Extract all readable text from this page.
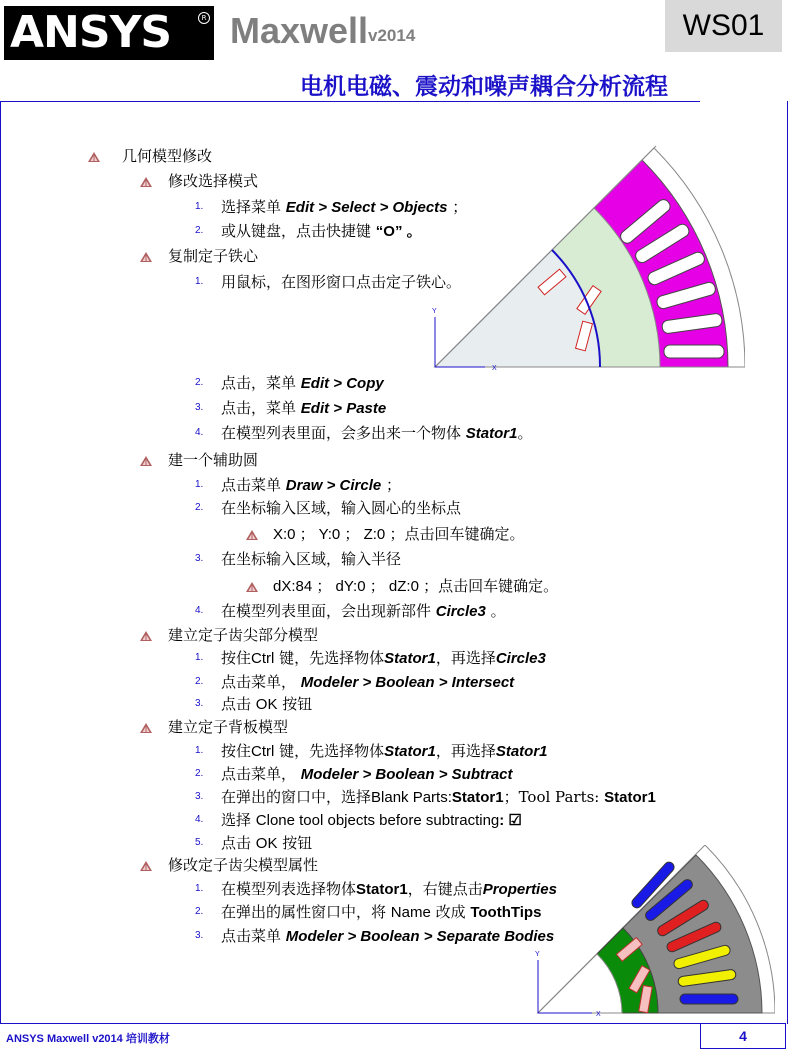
ANSYS	R Maxwell v2014	WS01
电机电磁、震动和噪声耦合分析流程
Y
X
Y
X
几何模型修改
修改选择模式
1. 选择菜单 Edit > Select > Objects ；
2. 或从键盘，点击快捷键 “O” 。
复制定子铁心
1. 用鼠标，在图形窗口点击定子铁心。
2. 点击，菜单 Edit > Copy
3. 点击，菜单 Edit > Paste
4. 在模型列表里面，会多出来一个物体 Stator1。
建一个辅助圆
1. 点击菜单 Draw > Circle ；
2. 在坐标输入区域，输入圆心的坐标点
X:0 ； Y:0 ； Z:0 ；点击回车键确定。
3. 在坐标输入区域，输入半径
dX:84 ； dY:0 ； dZ:0 ；点击回车键确定。
4. 在模型列表里面，会出现新部件 Circle3 。
建立定子齿尖部分模型
1. 按住Ctrl 键，先选择物体Stator1，再选择Circle3
2. 点击菜单， Modeler > Boolean > Intersect
3. 点击 OK 按钮
建立定子背板模型
1. 按住Ctrl 键，先选择物体Stator1，再选择Stator1
2. 点击菜单， Modeler > Boolean > Subtract
3. 在弹出的窗口中，选择Blank Parts:Stator1；Tool Parts: Stator1
4. 选择 Clone tool objects before subtracting: ☑
5. 点击 OK 按钮
修改定子齿尖模型属性
1. 在模型列表选择物体Stator1，右键点击Properties
2. 在弹出的属性窗口中，将 Name 改成 ToothTips
3. 点击菜单 Modeler > Boolean > Separate Bodies
ANSYS Maxwell v2014 培训教材	4
